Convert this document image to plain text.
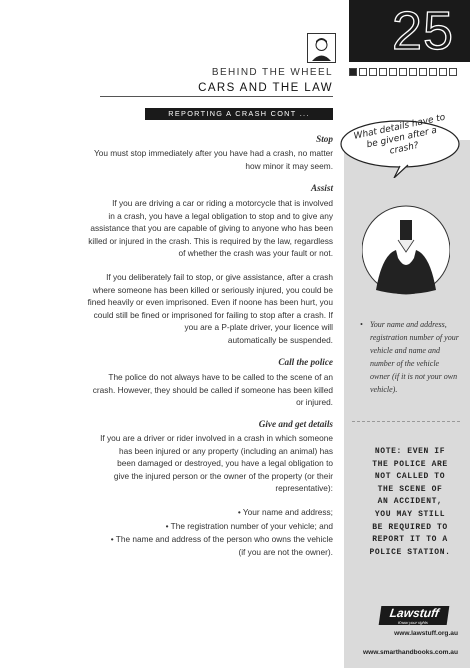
25
BEHIND THE WHEEL
CARS AND THE LAW
REPORTING A CRASH CONT ...	What details have to be given after a crash?
• Your name and address, registration number of your vehicle and name and number of the vehicle owner (if it is not your own vehicle).
NOTE: EVEN IF
THE POLICE ARE
NOT CALLED TO
THE SCENE OF
AN ACCIDENT,
YOU MAY STILL
BE REQUIRED TO
REPORT IT TO A
POLICE STATION.
Lawstuff
Know your rights
www.lawstuff.org.au
www.smarthandbooks.com.au
Stop
You must stop immediately after you have had a crash, no matter
how minor it may seem.
Assist
If you are driving a car or riding a motorcycle that is involved
in a crash, you have a legal obligation to stop and to give any
assistance that you are capable of giving to anyone who has been
killed or injured in the crash. This is required by the law, regardless
of whether the crash was your fault or not.
If you deliberately fail to stop, or give assistance, after a crash
where someone has been killed or seriously injured, you could be
fined heavily or even imprisoned. Even if noone has been hurt, you
could still be fined or imprisoned for failing to stop after a crash. If
you are a P-plate driver, your licence will
automatically be suspended.
Call the police
The police do not always have to be called to the scene of an
crash. However, they should be called if someone has been killed
or injured.
Give and get details
If you are a driver or rider involved in a crash in which someone
has been injured or any property (including an animal) has
been damaged or destroyed, you have a legal obligation to
give the injured person or the owner of the property (or their
representative):
• Your name and address;
• The registration number of your vehicle; and
• The name and address of the person who owns the vehicle
(if you are not the owner).
